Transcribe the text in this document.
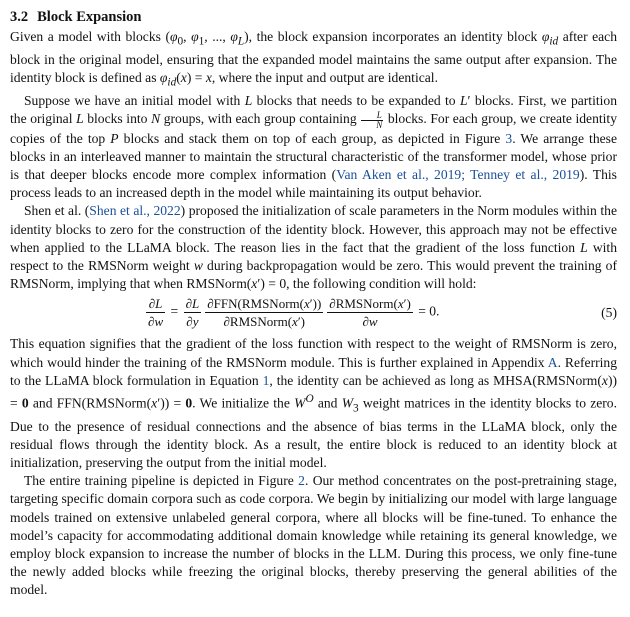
3.2 Block Expansion

Given a model with blocks ($\varphi_0$, $\varphi_1$, ..., $\varphi_L$), the block expansion incorporates an identity block $\varphi_{id}$ after each block in the original model, ensuring that the expanded model maintains the same output after expansion. The identity block is defined as $\varphi_{id}(x) = x$, where the input and output are identical.

Suppose we have an initial model with L blocks that needs to be expanded to L′ blocks. First, we partition the original L blocks into N groups, with each group containing $\frac{L}{N}$ blocks. For each group, we create identity copies of the top P blocks and stack them on top of each group, as depicted in Figure 3. We arrange these blocks in an interleaved manner to maintain the structural characteristic of the transformer model, whose prior is that deeper blocks encode more complex information (Van Aken et al., 2019; Tenney et al., 2019). This process leads to an increased depth in the model while maintaining its output behavior.

Shen et al. (Shen et al., 2022) proposed the initialization of scale parameters in the Norm modules within the identity blocks to zero for the construction of the identity block. However, this approach may not be effective when applied to the LLaMA block. The reason lies in the fact that the gradient of the loss function L with respect to the RMSNorm weight w during backpropagation would be zero. This would prevent the training of RMSNorm, implying that when RMSNorm(x′) = 0, the following condition will hold:

$\frac{\partial L}{\partial w} = \frac{\partial L}{\partial y} \frac{\text{∂FFN(RMSNorm(x′))}}{\text{∂RMSNorm(x′)}} \frac{\text{∂RMSNorm(x′)}}{\partial w} = 0$.	(5)

This equation signifies that the gradient of the loss function with respect to the weight of RMSNorm is zero, which would hinder the training of the RMSNorm module. This is further explained in Appendix A. Referring to the LLaMA block formulation in Equation 1, the identity can be achieved as long as MHSA(RMSNorm(x)) = 0 and FFN(RMSNorm(x′)) = 0. We initialize the $W^O$ and $W_3$ weight matrices in the identity blocks to zero. Due to the presence of residual connections and the absence of bias terms in the LLaMA block, only the residual flows through the identity block. As a result, the entire block is reduced to an identity block at initialization, preserving the output from the initial model.

The entire training pipeline is depicted in Figure 2. Our method concentrates on the post-pretraining stage, targeting specific domain corpora such as code corpora. We begin by initializing our model with large language models trained on extensive unlabeled general corpora, where all blocks will be fine-tuned. To enhance the model’s capacity for accommodating additional domain knowledge while retaining its general knowledge, we employ block expansion to increase the number of blocks in the LLM. During this process, we only fine-tune the newly added blocks while freezing the original blocks, thereby preserving the general abilities of the model.
